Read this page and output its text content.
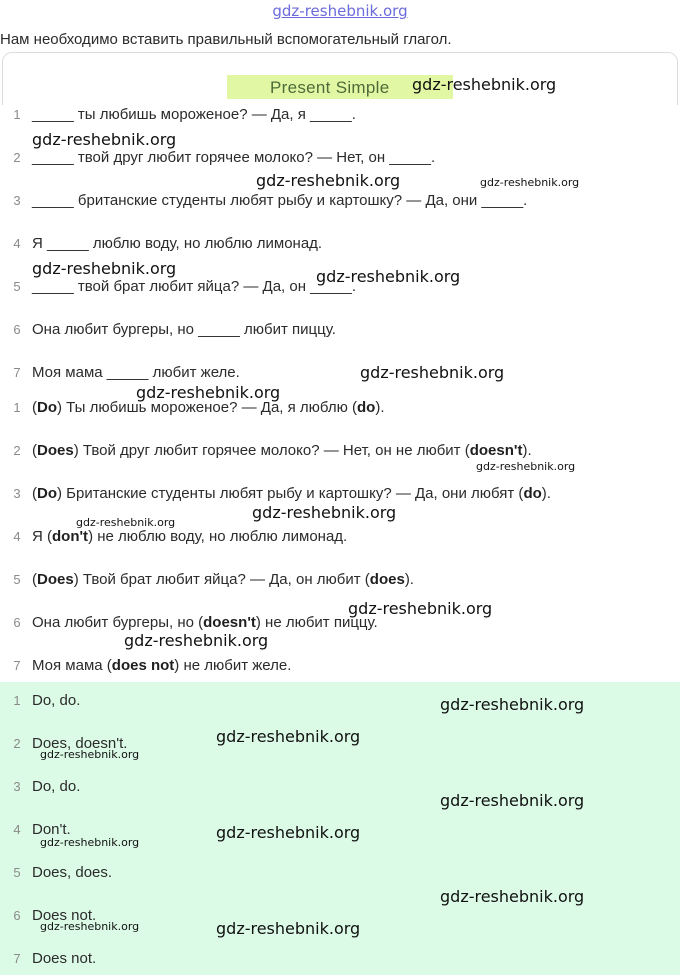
gdz-reshebnik.org
Нам необходимо вставить правильный вспомогательный глагол.
Present Simple
1 _____ ты любишь мороженое? — Да, я _____.
2 _____ твой друг любит горячее молоко? — Нет, он _____.
3 _____ британские студенты любят рыбу и картошку? — Да, они _____.
4 Я _____ люблю воду, но люблю лимонад.
5 _____ твой брат любит яйца? — Да, он _____.
6 Она любит бургеры, но _____ любит пиццу.
7 Моя мама _____ любит желе.
1 (Do) Ты любишь мороженое? — Да, я люблю (do).
2 (Does) Твой друг любит горячее молоко? — Нет, он не любит (doesn't).
3 (Do) Британские студенты любят рыбу и картошку? — Да, они любят (do).
4 Я (don't) не люблю воду, но люблю лимонад.
5 (Does) Твой брат любит яйца? — Да, он любит (does).
6 Она любит бургеры, но (doesn't) не любит пиццу.
7 Моя мама (does not) не любит желе.
1 Do, do.
2 Does, doesn't.
3 Do, do.
4 Don't.
5 Does, does.
6 Does not.
7 Does not.
gdz-reshebnik.org
gdz-reshebnik.org
gdz-reshebnik.org	gdz-reshebnik.org
gdz-reshebnik.org	gdz-reshebnik.org
gdz-reshebnik.org
gdz-reshebnik.org
gdz-reshebnik.org
gdz-reshebnik.org
gdz-reshebnik.org
gdz-reshebnik.org
gdz-reshebnik.org
gdz-reshebnik.org
gdz-reshebnik.org
gdz-reshebnik.org
gdz-reshebnik.org
gdz-reshebnik.org
gdz-reshebnik.org
gdz-reshebnik.org
gdz-reshebnik.org
gdz-reshebnik.org
